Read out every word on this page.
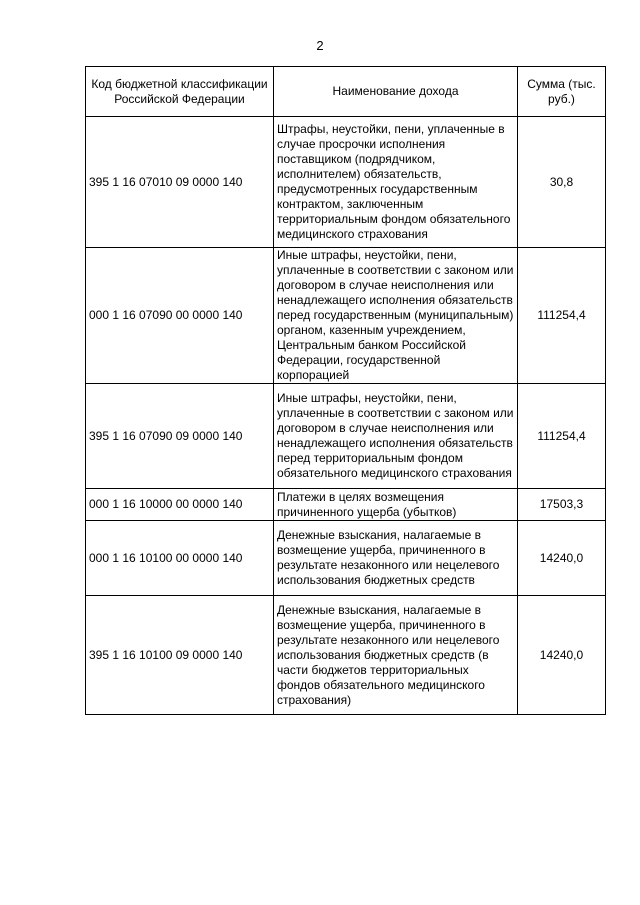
2
Код бюджетной классификации Российской Федерации	Наименование дохода	Сумма (тыс. руб.)
395 1 16 07010 09 0000 140	Штрафы, неустойки, пени, уплаченные в случае просрочки исполнения поставщиком (подрядчиком, исполнителем) обязательств, предусмотренных государственным контрактом, заключенным территориальным фондом обязательного медицинского страхования	30,8
000 1 16 07090 00 0000 140	Иные штрафы, неустойки, пени, уплаченные в соответствии с законом или договором в случае неисполнения или ненадлежащего исполнения обязательств перед государственным (муниципальным) органом, казенным учреждением, Центральным банком Российской Федерации, государственной корпорацией	111254,4
395 1 16 07090 09 0000 140	Иные штрафы, неустойки, пени, уплаченные в соответствии с законом или договором в случае неисполнения или ненадлежащего исполнения обязательств перед территориальным фондом обязательного медицинского страхования	111254,4
000 1 16 10000 00 0000 140	Платежи в целях возмещения причиненного ущерба (убытков)	17503,3
000 1 16 10100 00 0000 140	Денежные взыскания, налагаемые в возмещение ущерба, причиненного в результате незаконного или нецелевого использования бюджетных средств	14240,0
395 1 16 10100 09 0000 140	Денежные взыскания, налагаемые в возмещение ущерба, причиненного в результате незаконного или нецелевого использования бюджетных средств (в части бюджетов территориальных фондов обязательного медицинского страхования)	14240,0
